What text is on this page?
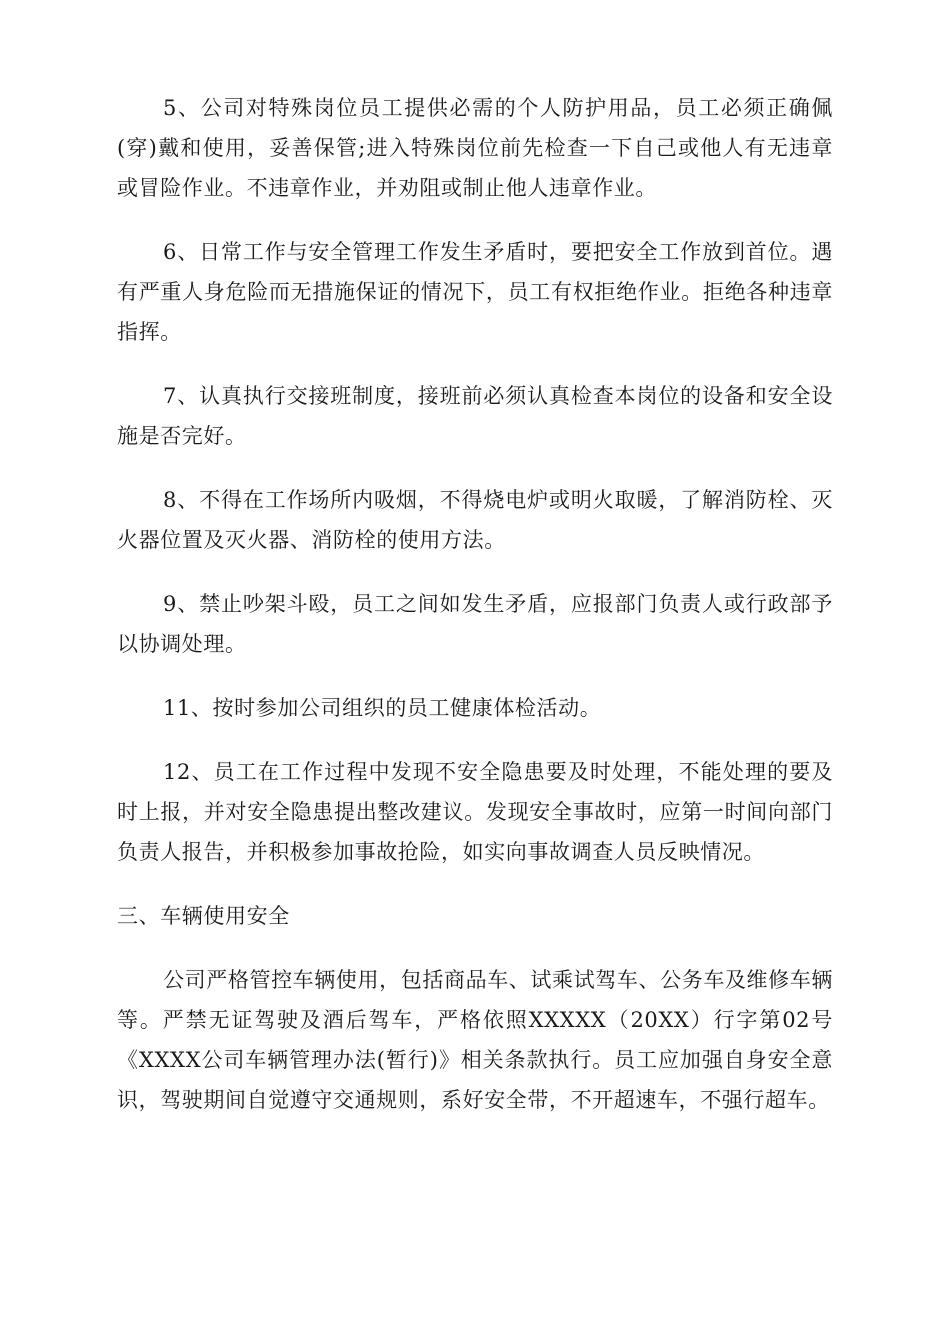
5、公司对特殊岗位员工提供必需的个人防护用品，员工必须正确佩(穿)戴和使用，妥善保管;进入特殊岗位前先检查一下自己或他人有无违章或冒险作业。不违章作业，并劝阻或制止他人违章作业。

6、日常工作与安全管理工作发生矛盾时，要把安全工作放到首位。遇有严重人身危险而无措施保证的情况下，员工有权拒绝作业。拒绝各种违章指挥。

7、认真执行交接班制度，接班前必须认真检查本岗位的设备和安全设施是否完好。

8、不得在工作场所内吸烟，不得烧电炉或明火取暖，了解消防栓、灭火器位置及灭火器、消防栓的使用方法。

9、禁止吵架斗殴，员工之间如发生矛盾，应报部门负责人或行政部予以协调处理。

11、按时参加公司组织的员工健康体检活动。

12、员工在工作过程中发现不安全隐患要及时处理，不能处理的要及时上报，并对安全隐患提出整改建议。发现安全事故时，应第一时间向部门负责人报告，并积极参加事故抢险，如实向事故调查人员反映情况。

三、车辆使用安全

公司严格管控车辆使用，包括商品车、试乘试驾车、公务车及维修车辆等。严禁无证驾驶及酒后驾车，严格依照XXXXX（20XX）行字第02号《XXXX公司车辆管理办法(暂行)》相关条款执行。员工应加强自身安全意识，驾驶期间自觉遵守交通规则，系好安全带，不开超速车，不强行超车。
